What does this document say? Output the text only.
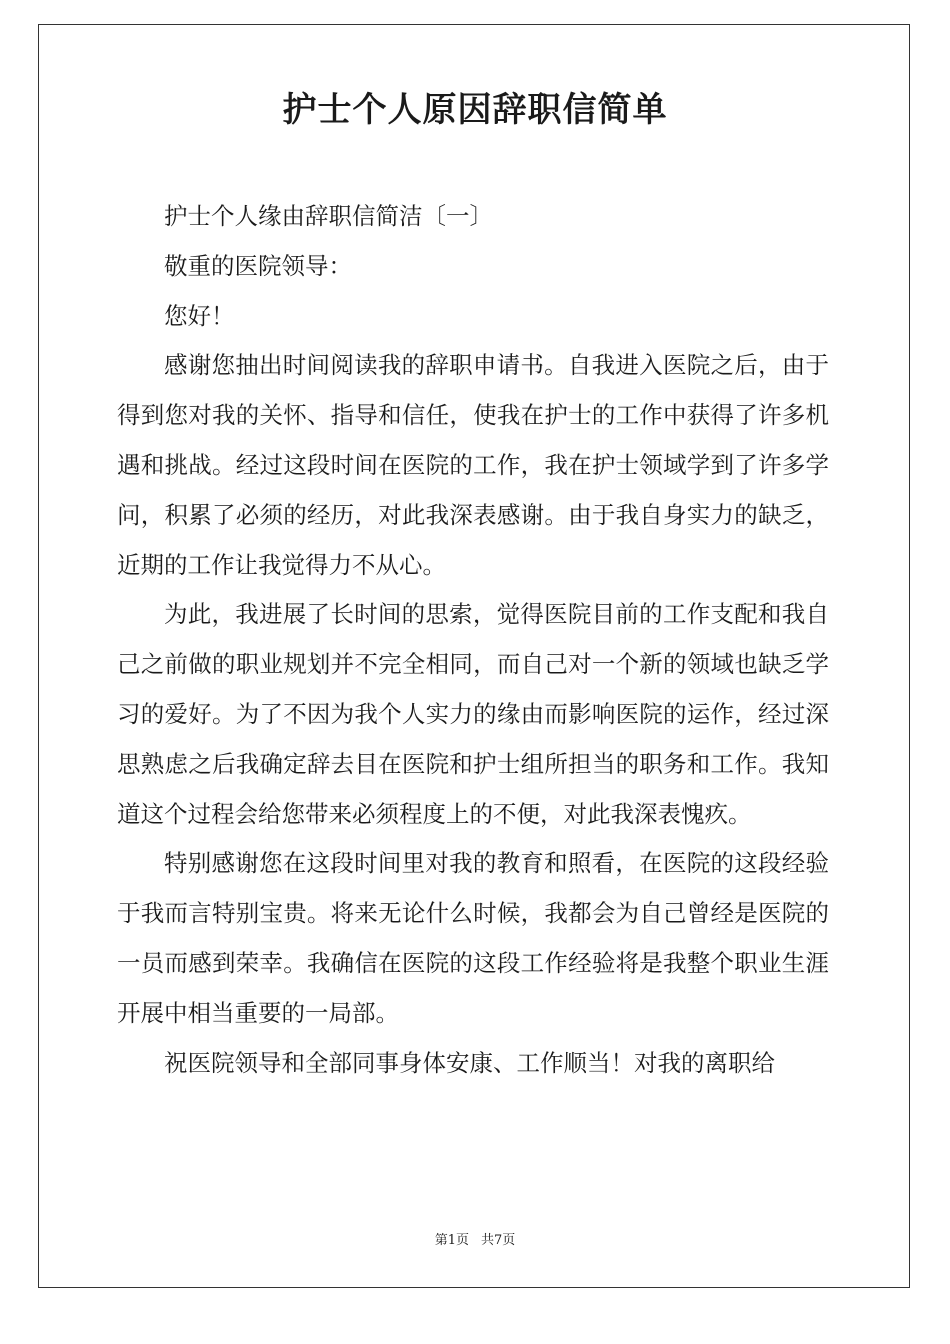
护士个人原因辞职信简单

护士个人缘由辞职信简洁〔一〕

敬重的医院领导：

您好！

感谢您抽出时间阅读我的辞职申请书。自我进入医院之后，由于得到您对我的关怀、指导和信任，使我在护士的工作中获得了许多机遇和挑战。经过这段时间在医院的工作，我在护士领域学到了许多学问，积累了必须的经历，对此我深表感谢。由于我自身实力的缺乏，近期的工作让我觉得力不从心。

为此，我进展了长时间的思索，觉得医院目前的工作支配和我自己之前做的职业规划并不完全相同，而自己对一个新的领域也缺乏学习的爱好。为了不因为我个人实力的缘由而影响医院的运作，经过深思熟虑之后我确定辞去目在医院和护士组所担当的职务和工作。我知道这个过程会给您带来必须程度上的不便，对此我深表愧疚。

特别感谢您在这段时间里对我的教育和照看，在医院的这段经验于我而言特别宝贵。将来无论什么时候，我都会为自己曾经是医院的一员而感到荣幸。我确信在医院的这段工作经验将是我整个职业生涯开展中相当重要的一局部。

祝医院领导和全部同事身体安康、工作顺当！对我的离职给

第1页 共7页
